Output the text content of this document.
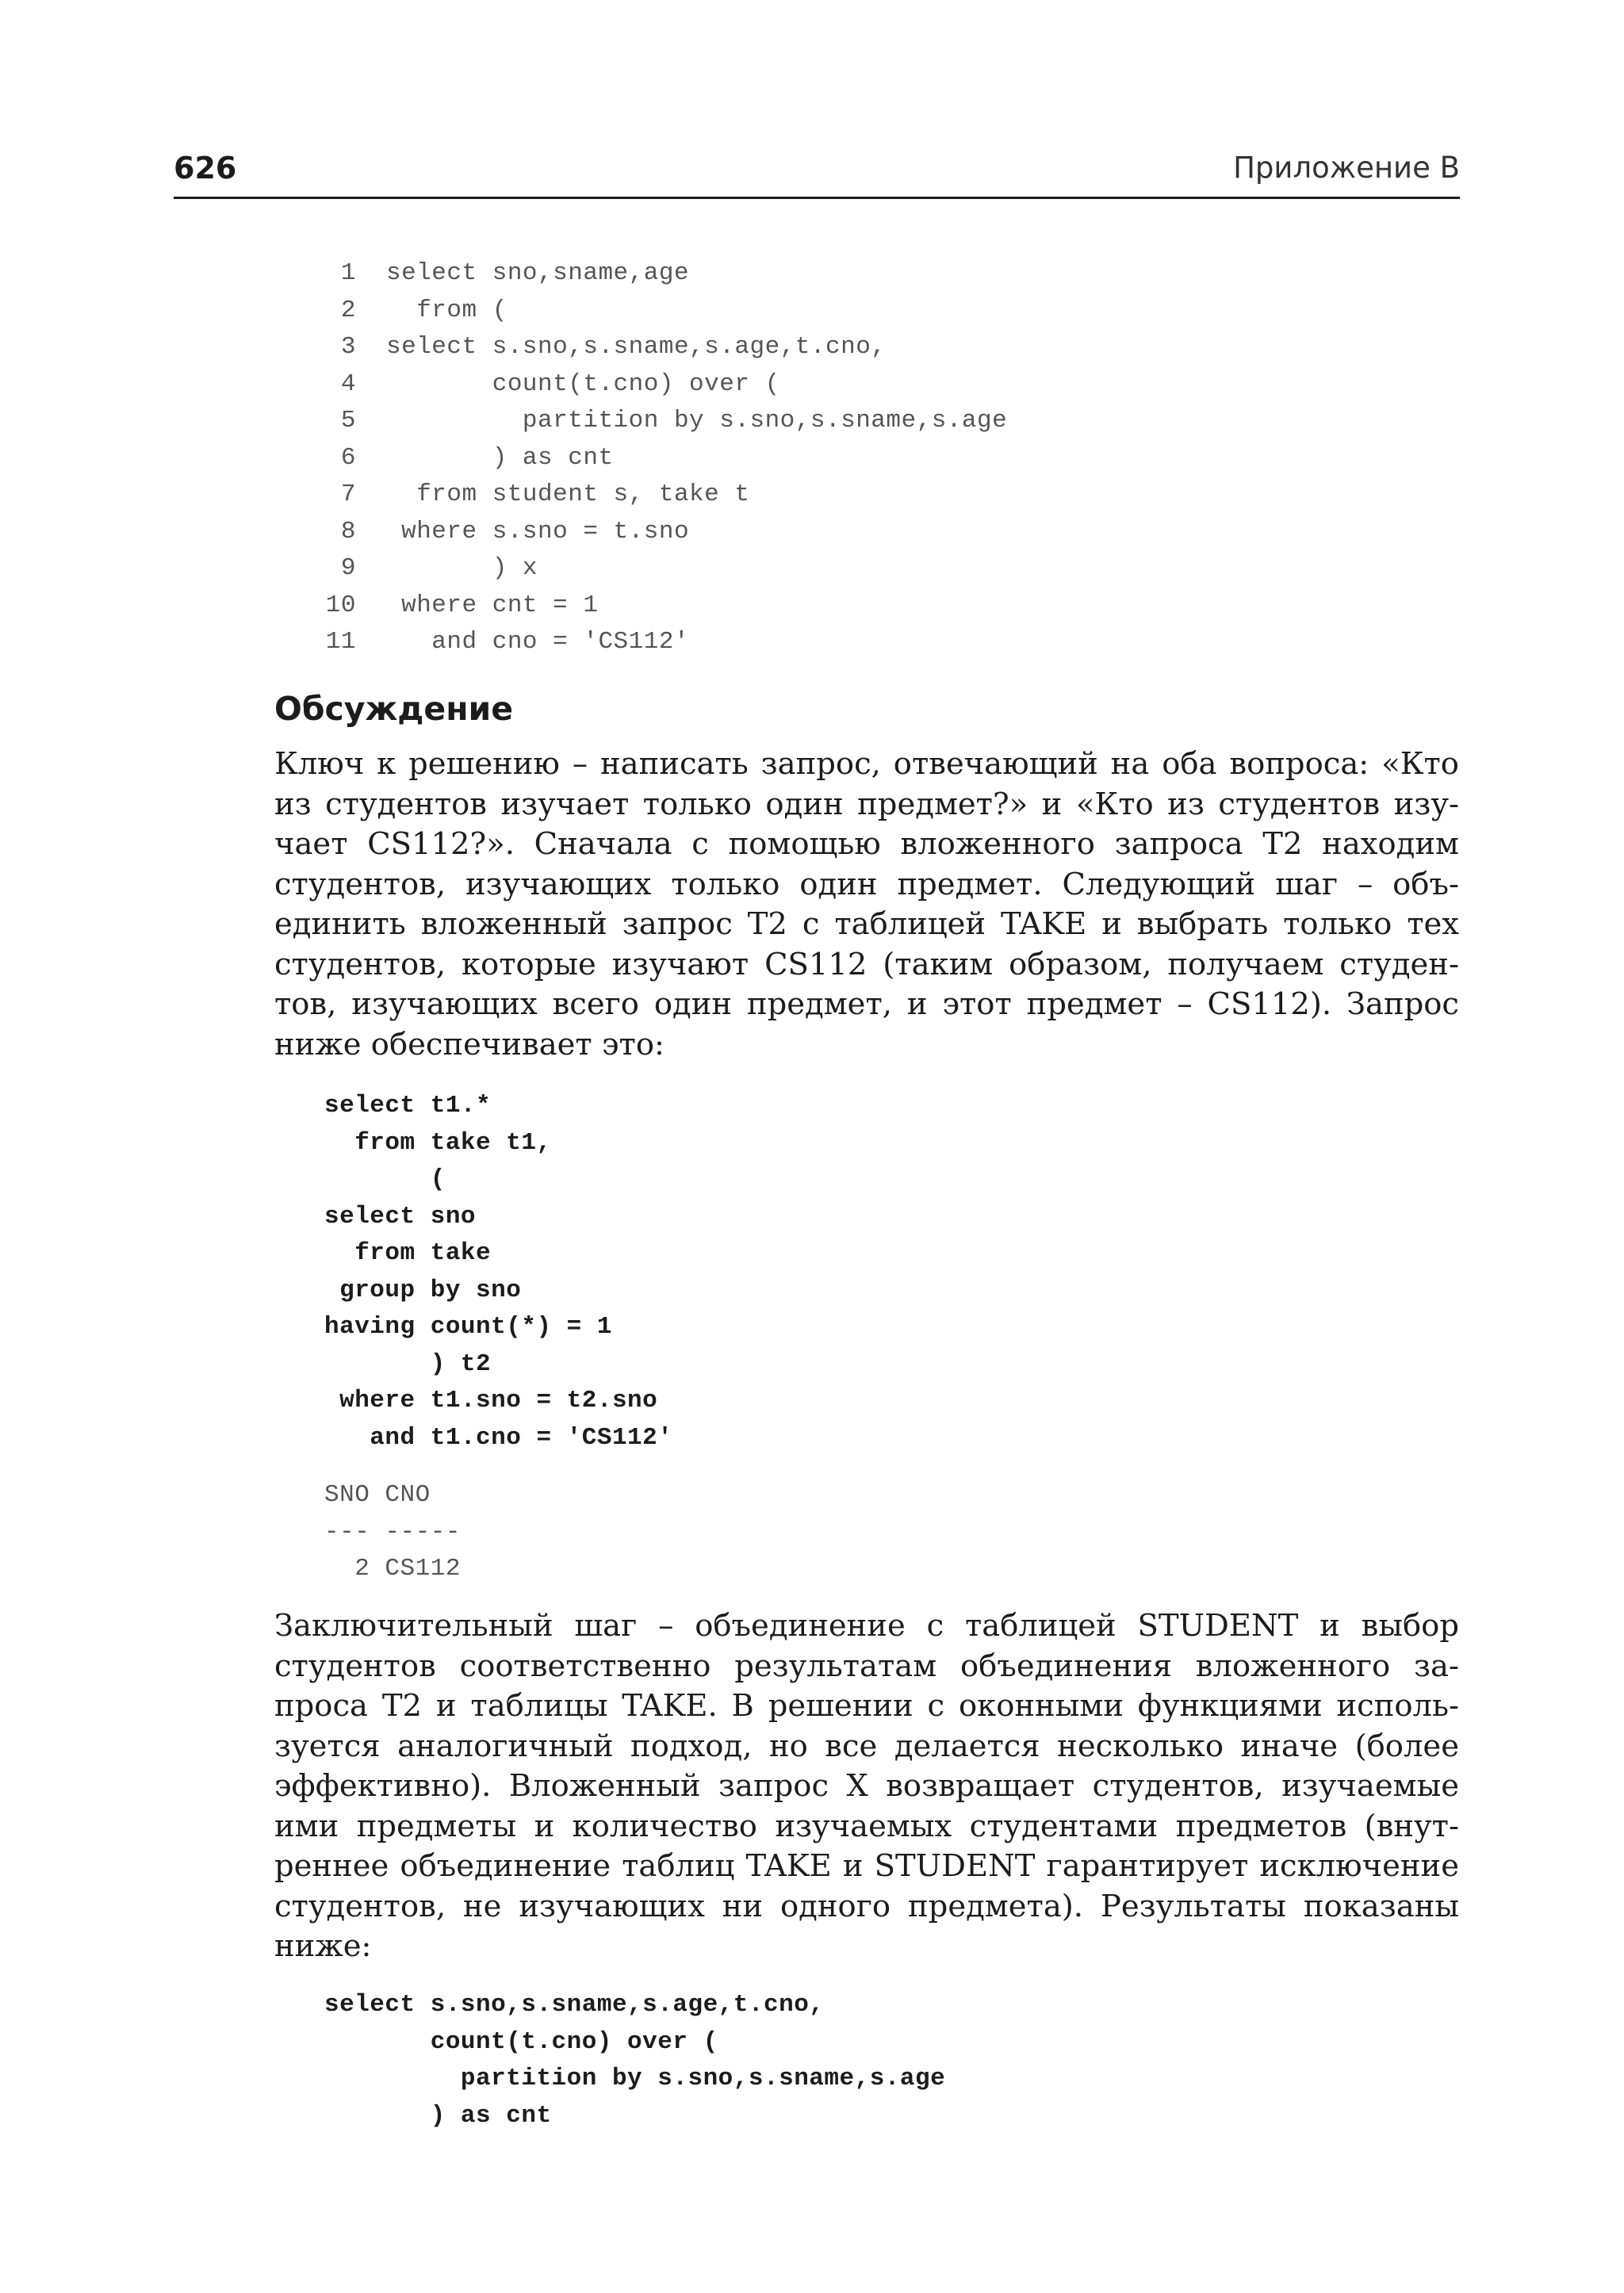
626	Приложение B
1 select sno,sname,age
2  from (
3 select s.sno,s.sname,s.age,t.cno,
4       count(t.cno) over (
5         partition by s.sno,s.sname,s.age
6       ) as cnt
7  from student s, take t
8 where s.sno = t.sno
9       ) x
10 where cnt = 1
11   and cno = 'CS112'
Обсуждение

Ключ к решению – написать запрос, отвечающий на оба вопроса: «Кто из студентов изучает только один предмет?» и «Кто из студентов изучает CS112?». Сначала с помощью вложенного запроса T2 находим студентов, изучающих только один предмет. Следующий шаг – объединить вложенный запрос T2 с таблицей TAKE и выбрать только тех студентов, которые изучают CS112 (таким образом, получаем студентов, изучающих всего один предмет, и этот предмет – CS112). Запрос ниже обеспечивает это:

select t1.*
from take t1,
(
select sno
from take
group by sno
having count(*) = 1
) t2
where t1.sno = t2.sno
and t1.cno = 'CS112'
SNO CNO
--- -----
2 CS112

Заключительный шаг – объединение с таблицей STUDENT и выбор студентов соответственно результатам объединения вложенного запроса T2 и таблицы TAKE. В решении с оконными функциями используется аналогичный подход, но все делается несколько иначе (более эффективно). Вложенный запрос X возвращает студентов, изучаемые ими предметы и количество изучаемых студентами предметов (внутреннее объединение таблиц TAKE и STUDENT гарантирует исключение студентов, не изучающих ни одного предмета). Результаты показаны ниже:

select s.sno,s.sname,s.age,t.cno,
count(t.cno) over (
partition by s.sno,s.sname,s.age
) as cnt
